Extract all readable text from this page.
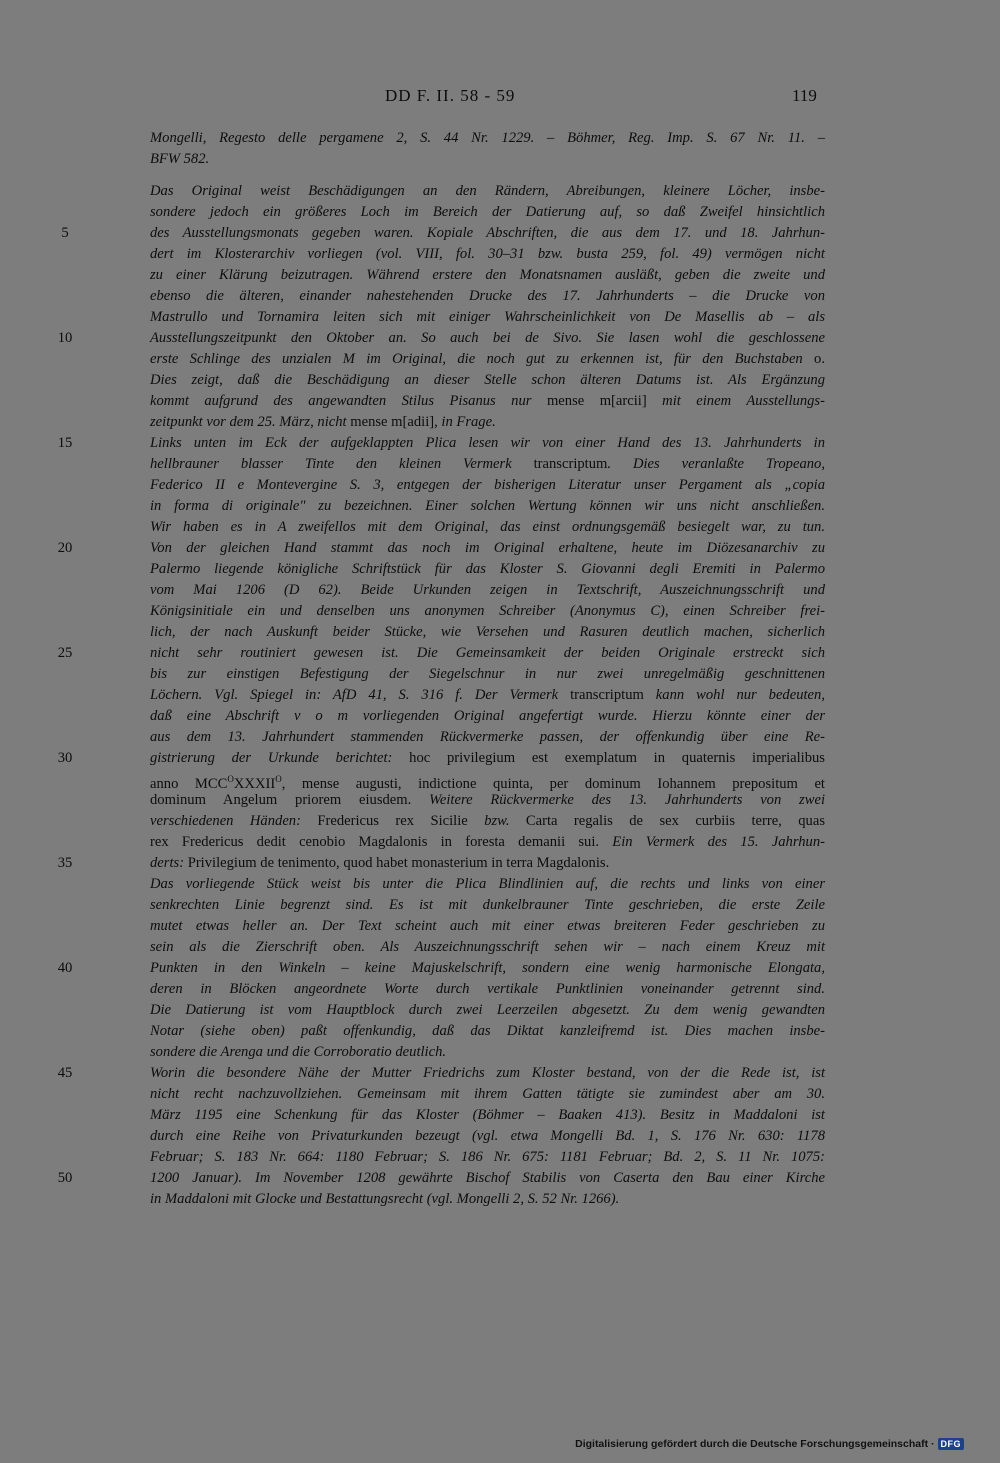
DD F. II. 58 - 59	119
Mongelli, Regesto delle pergamene 2, S. 44 Nr. 1229. – Böhmer, Reg. Imp. S. 67 Nr. 11. –
BFW 582.
Das Original weist Beschädigungen an den Rändern, Abreibungen, kleinere Löcher, insbe-
sondere jedoch ein größeres Loch im Bereich der Datierung auf, so daß Zweifel hinsichtlich
des Ausstellungsmonats gegeben waren. Kopiale Abschriften, die aus dem 17. und 18. Jahrhun-
dert im Klosterarchiv vorliegen (vol. VIII, fol. 30–31 bzw. busta 259, fol. 49) vermögen nicht
zu einer Klärung beizutragen. Während erstere den Monatsnamen ausläßt, geben die zweite und
ebenso die älteren, einander nahestehenden Drucke des 17. Jahrhunderts – die Drucke von
Mastrullo und Tornamira leiten sich mit einiger Wahrscheinlichkeit von De Masellis ab – als
Ausstellungszeitpunkt den Oktober an. So auch bei de Sivo. Sie lasen wohl die geschlossene
erste Schlinge des unzialen M im Original, die noch gut zu erkennen ist, für den Buchstaben o.
Dies zeigt, daß die Beschädigung an dieser Stelle schon älteren Datums ist. Als Ergänzung
kommt aufgrund des angewandten Stilus Pisanus nur mense m[arcii] mit einem Ausstellungs-
zeitpunkt vor dem 25. März, nicht mense m[adii], in Frage.
Links unten im Eck der aufgeklappten Plica lesen wir von einer Hand des 13. Jahrhunderts in
hellbrauner blasser Tinte den kleinen Vermerk transcriptum. Dies veranlaßte Tropeano,
Federico II e Montevergine S. 3, entgegen der bisherigen Literatur unser Pergament als „copia
in forma di originale" zu bezeichnen. Einer solchen Wertung können wir uns nicht anschließen.
Wir haben es in A zweifellos mit dem Original, das einst ordnungsgemäß besiegelt war, zu tun.
Von der gleichen Hand stammt das noch im Original erhaltene, heute im Diözesanarchiv zu
Palermo liegende königliche Schriftstück für das Kloster S. Giovanni degli Eremiti in Palermo
vom Mai 1206 (D 62). Beide Urkunden zeigen in Textschrift, Auszeichnungsschrift und
Königsinitiale ein und denselben uns anonymen Schreiber (Anonymus C), einen Schreiber frei-
lich, der nach Auskunft beider Stücke, wie Versehen und Rasuren deutlich machen, sicherlich
nicht sehr routiniert gewesen ist. Die Gemeinsamkeit der beiden Originale erstreckt sich
bis zur einstigen Befestigung der Siegelschnur in nur zwei unregelmäßig geschnittenen
Löchern. Vgl. Spiegel in: AfD 41, S. 316 f. Der Vermerk transcriptum kann wohl nur bedeuten,
daß eine Abschrift v o m vorliegenden Original angefertigt wurde. Hierzu könnte einer der
aus dem 13. Jahrhundert stammenden Rückvermerke passen, der offenkundig über eine Re-
gistrierung der Urkunde berichtet: hoc privilegium est exemplatum in quaternis imperialibus
anno $MCC^OXXXII^O$, mense augusti, indictione quinta, per dominum Iohannem prepositum et
dominum Angelum priorem eiusdem. Weitere Rückvermerke des 13. Jahrhunderts von zwei
verschiedenen Händen: Fredericus rex Sicilie bzw. Carta regalis de sex curbiis terre, quas
rex Fredericus dedit cenobio Magdalonis in foresta demanii sui. Ein Vermerk des 15. Jahrhun-
derts: Privilegium de tenimento, quod habet monasterium in terra Magdalonis.
Das vorliegende Stück weist bis unter die Plica Blindlinien auf, die rechts und links von einer
senkrechten Linie begrenzt sind. Es ist mit dunkelbrauner Tinte geschrieben, die erste Zeile
mutet etwas heller an. Der Text scheint auch mit einer etwas breiteren Feder geschrieben zu
sein als die Zierschrift oben. Als Auszeichnungsschrift sehen wir – nach einem Kreuz mit
Punkten in den Winkeln – keine Majuskelschrift, sondern eine wenig harmonische Elongata,
deren in Blöcken angeordnete Worte durch vertikale Punktlinien voneinander getrennt sind.
Die Datierung ist vom Hauptblock durch zwei Leerzeilen abgesetzt. Zu dem wenig gewandten
Notar (siehe oben) paßt offenkundig, daß das Diktat kanzleifremd ist. Dies machen insbe-
sondere die Arenga und die Corroboratio deutlich.
Worin die besondere Nähe der Mutter Friedrichs zum Kloster bestand, von der die Rede ist, ist
nicht recht nachzuvollziehen. Gemeinsam mit ihrem Gatten tätigte sie zumindest aber am 30.
März 1195 eine Schenkung für das Kloster (Böhmer – Baaken 413). Besitz in Maddaloni ist
durch eine Reihe von Privaturkunden bezeugt (vgl. etwa Mongelli Bd. 1, S. 176 Nr. 630: 1178
Februar; S. 183 Nr. 664: 1180 Februar; S. 186 Nr. 675: 1181 Februar; Bd. 2, S. 11 Nr. 1075:
1200 Januar). Im November 1208 gewährte Bischof Stabilis von Caserta den Bau einer Kirche
in Maddaloni mit Glocke und Bestattungsrecht (vgl. Mongelli 2, S. 52 Nr. 1266).
5
10
15
20
25
30
35
40
45
50
Digitalisierung gefördert durch die Deutsche Forschungsgemeinschaft · DFG
